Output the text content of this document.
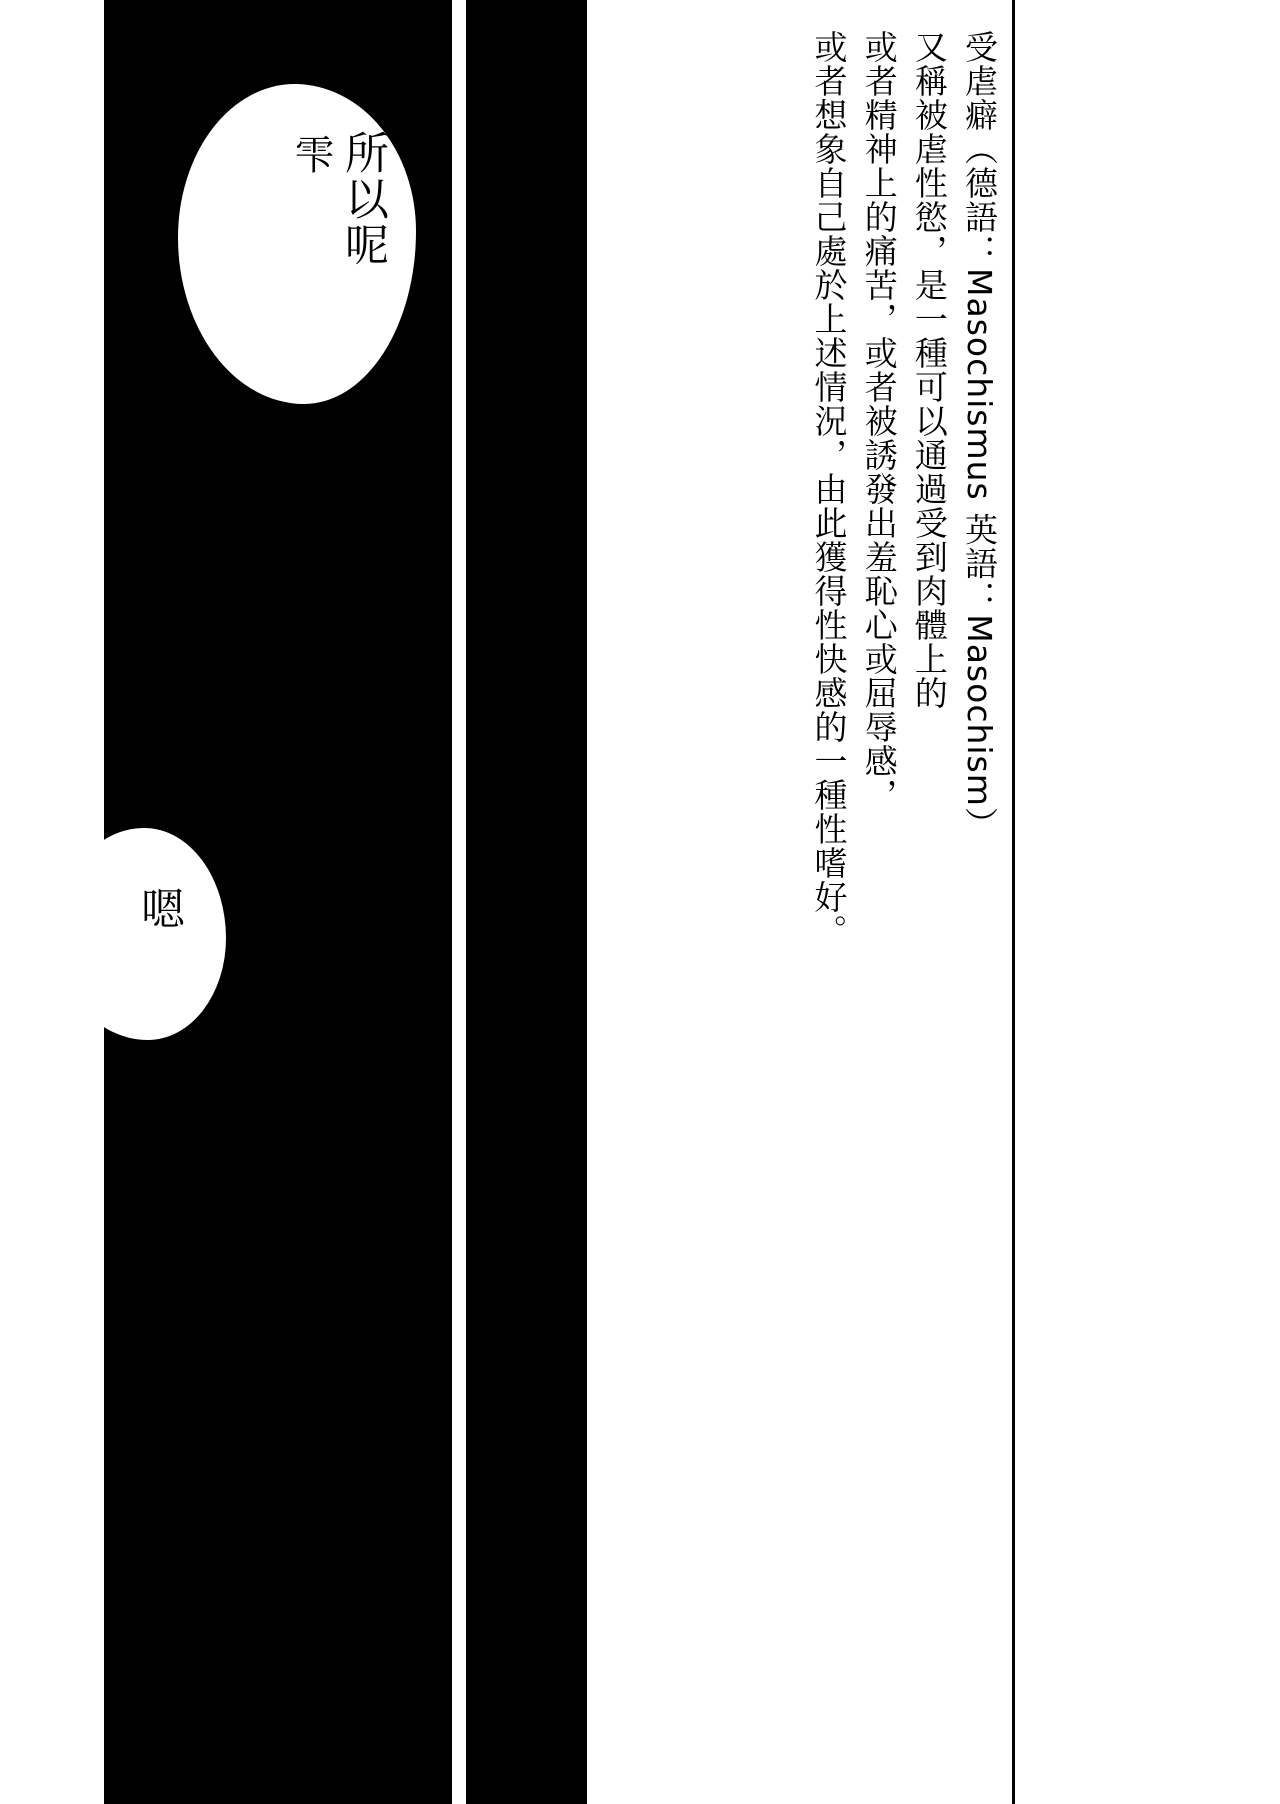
所以呢
雫
嗯

受虐癖（德語：Masochismus 英語：Masochism）

又稱被虐性慾，是一種可以通過受到肉體上的

或者精神上的痛苦，或者被誘發出羞恥心或屈辱感，

或者想象自己處於上述情況，由此獲得性快感的一種性嗜好。

「受虐狂」「自由的百科全書 維基百科日語版」2024年4月14日（日）14:13 UTC URL https://ja.wikipedia.org
